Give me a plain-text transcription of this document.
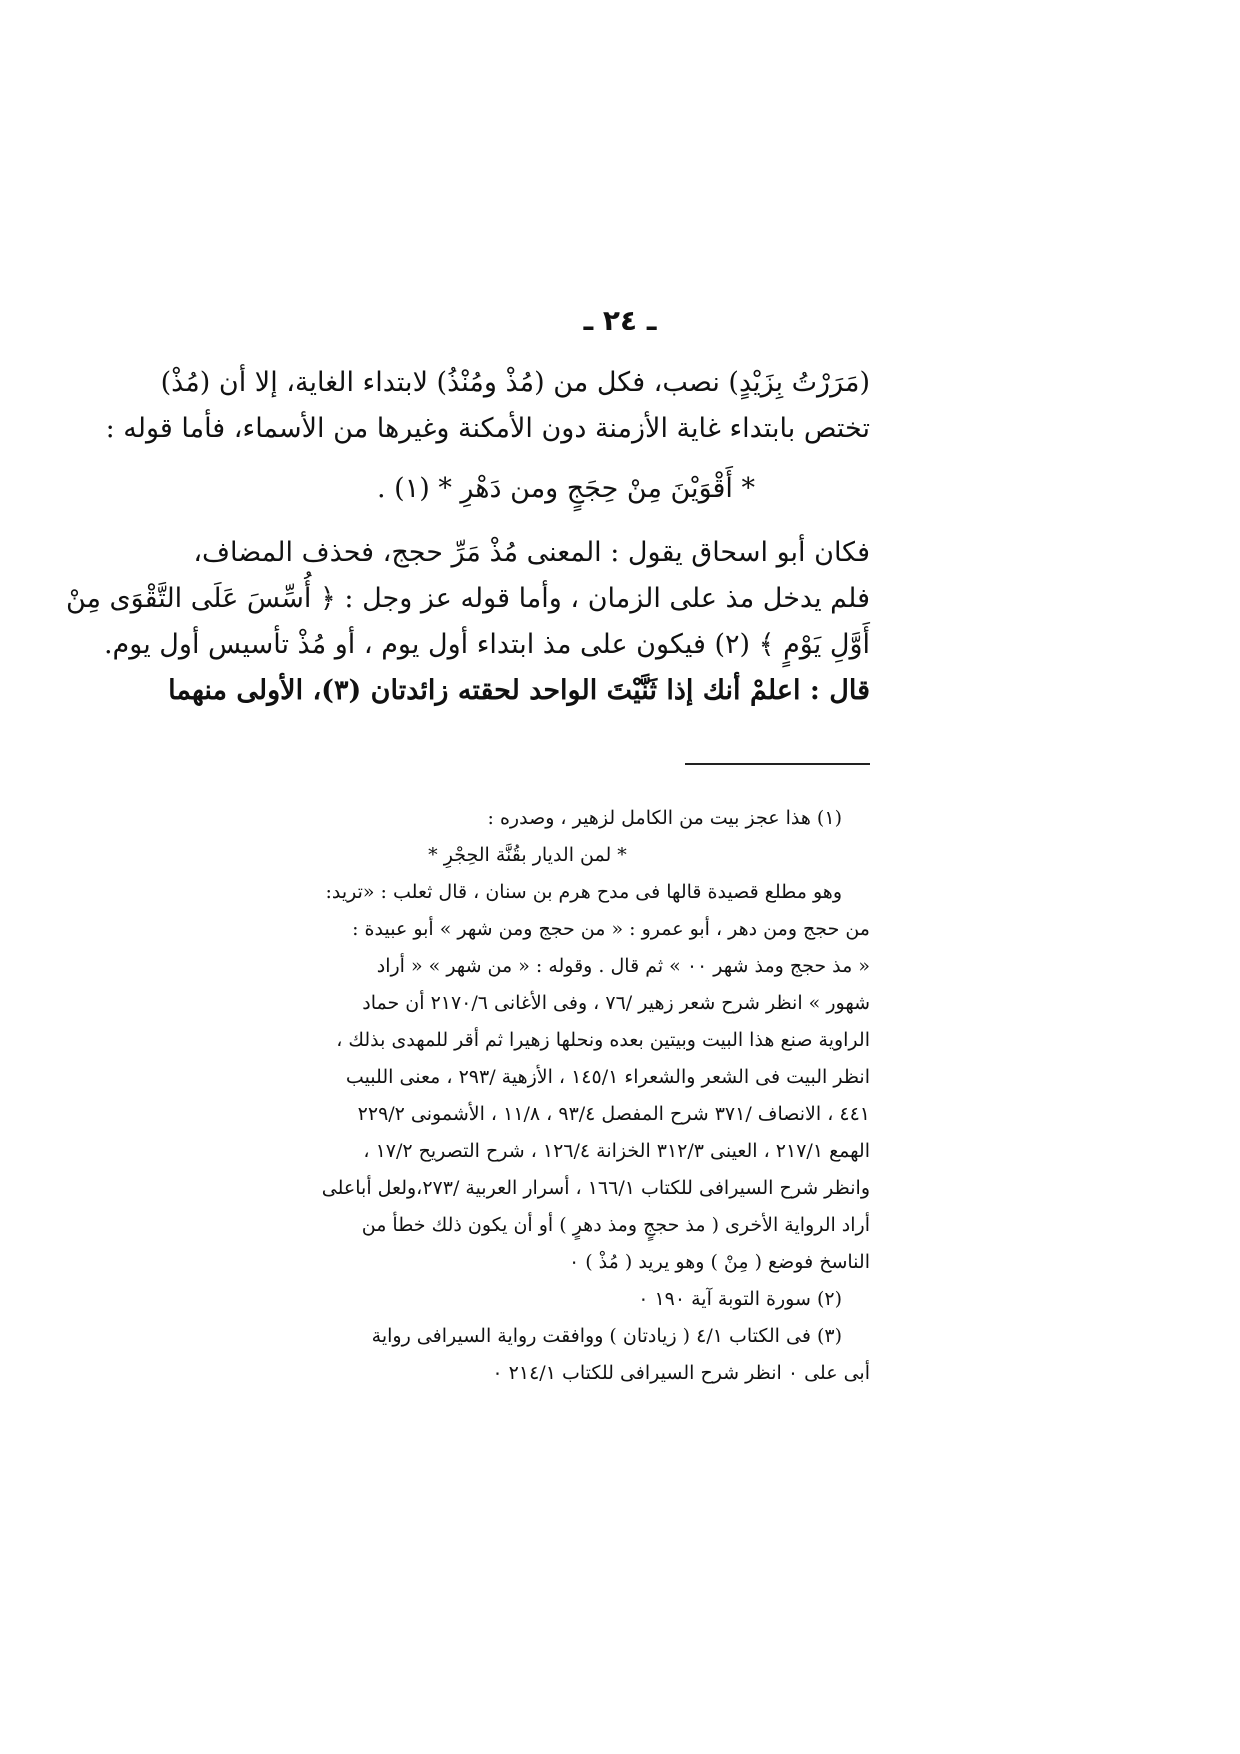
ـ ٢٤ ـ
(مَرَرْتُ بِزَيْدٍ) نصب، فكل من (مُذْ ومُنْذُ) لابتداء الغاية، إلا أن (مُذْ)
تختص بابتداء غاية الأزمنة دون الأمكنة وغيرها من الأسماء، فأما قوله :
* أَقْوَيْنَ مِنْ حِجَجٍ ومن دَهْرِ * (١) .
فكان أبو اسحاق يقول : المعنى مُذْ مَرِّ حجج، فحذف المضاف،
فلم يدخل مذ على الزمان ، وأما قوله عز وجل : ﴿ أُسِّسَ عَلَى التَّقْوَى مِنْ
أَوَّلِ يَوْمٍ ﴾ (٢) فيكون على مذ ابتداء أول يوم ، أو مُذْ تأسيس أول يوم.
قال : اعلمْ أنك إذا ثَنَّيْتَ الواحد لحقته زائدتان (٣)، الأولى منهما
(١) هذا عجز بيت من الكامل لزهير ، وصدره :
* لمن الديار بقُنَّة الحِجْرِ *
وهو مطلع قصيدة قالها فى مدح هرم بن سنان ، قال ثعلب : «تريد:
من حجج ومن دهر ، أبو عمرو : « من حجج ومن شهر » أبو عبيدة :
« مذ حجج ومذ شهر ٠٠ » ثم قال . وقوله : « من شهر » « أراد
شهور » انظر شرح شعر زهير /٧٦ ، وفى الأغانى ٢١٧٠/٦ أن حماد
الراوية صنع هذا البيت وبيتين بعده ونحلها زهيرا ثم أقر للمهدى بذلك ،
انظر البيت فى الشعر والشعراء ١٤٥/١ ، الأزهية /٢٩٣ ، معنى اللبيب
٤٤١ ، الانصاف /٣٧١ شرح المفصل ٩٣/٤ ، ١١/٨ ، الأشمونى ٢٢٩/٢
الهمع ٢١٧/١ ، العينى ٣١٢/٣ الخزانة ١٢٦/٤ ، شرح التصريح ١٧/٢ ،
وانظر شرح السيرافى للكتاب ١٦٦/١ ، أسرار العربية /٢٧٣،ولعل أباعلى
أراد الرواية الأخرى ( مذ حججٍ ومذ دهرٍ ) أو أن يكون ذلك خطأ من
الناسخ فوضع ( مِنْ ) وهو يريد ( مُذْ ) ٠
(٢) سورة التوبة آية ١٩٠ ٠
(٣) فى الكتاب ٤/١ ( زيادتان ) ووافقت رواية السيرافى رواية
أبى على ٠ انظر شرح السيرافى للكتاب ٢١٤/١ ٠
